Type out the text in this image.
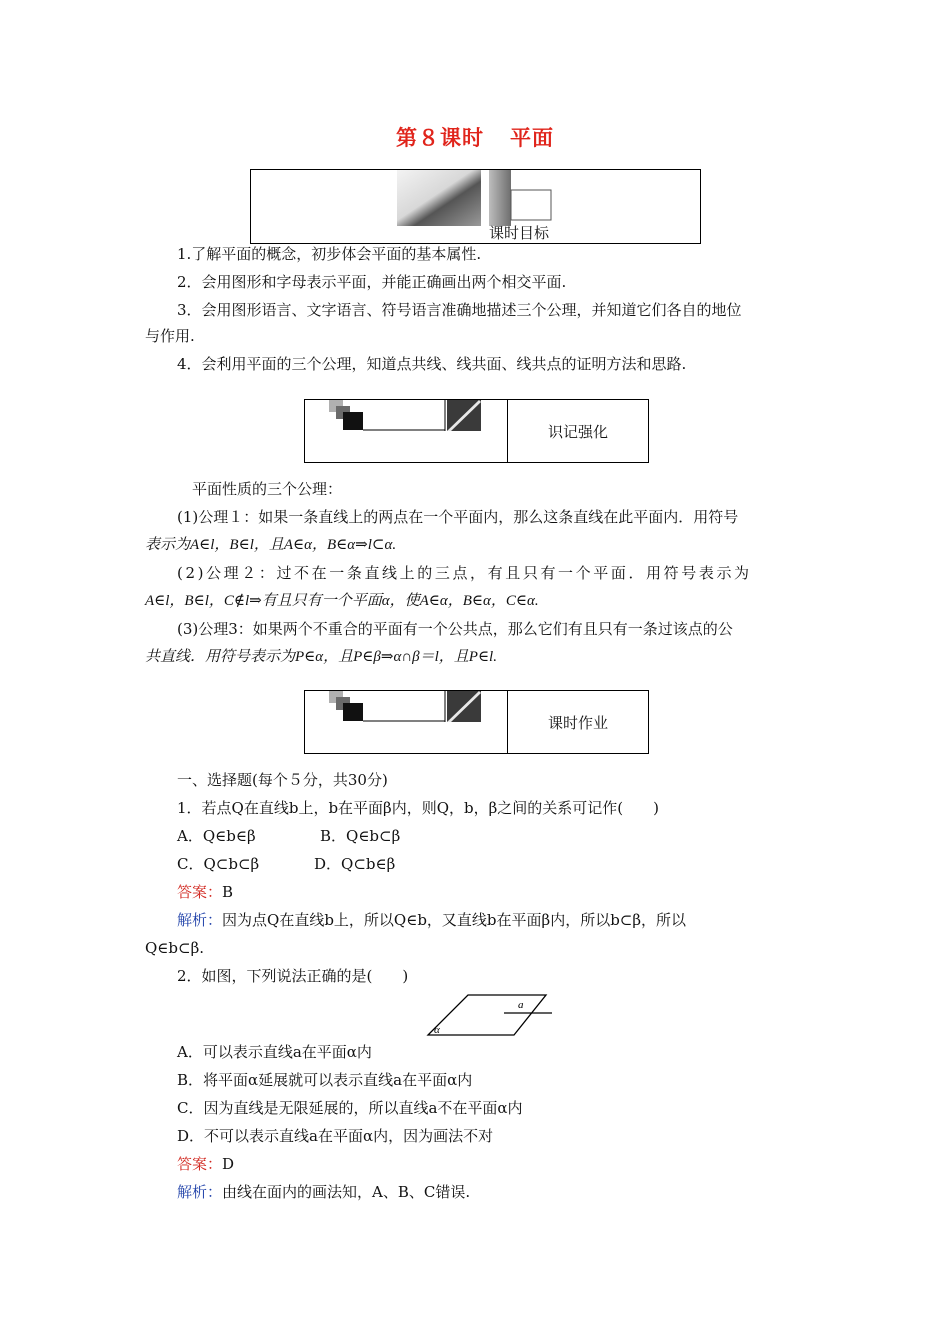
第８课时 平面
课时目标
1.了解平面的概念，初步体会平面的基本属性.
2．会用图形和字母表示平面，并能正确画出两个相交平面.
3．会用图形语言、文字语言、符号语言准确地描述三个公理，并知道它们各自的地位
与作用.
4．会利用平面的三个公理，知道点共线、线共面、线共点的证明方法和思路.
识记强化
平面性质的三个公理：
(1)公理１：如果一条直线上的两点在一个平面内，那么这条直线在此平面内．用符号
表示为A∈l，B∈l，且A∈α，B∈α⇒l⊂α.
(2)公理２：过不在一条直线上的三点，有且只有一个平面．用符号表示为
A∈l，B∈l，C∉l⇒有且只有一个平面α，使A∈α，B∈α，C∈α.
(3)公理3：如果两个不重合的平面有一个公共点，那么它们有且只有一条过该点的公
共直线．用符号表示为P∈α，且P∈β⇒α∩β＝l，且P∈l.
课时作业
一、选择题(每个５分，共30分)
1．若点Q在直线b上，b在平面β内，则Q，b，β之间的关系可记作(　　)
A．Q∈b∈β	B．Q∈b⊂β
C．Q⊂b⊂β	D．Q⊂b∈β
答案：B
解析：因为点Q在直线b上，所以Q∈b，又直线b在平面β内，所以b⊂β，所以
Q∈b⊂β.
2．如图，下列说法正确的是(　　)
a
α
A．可以表示直线a在平面α内
B．将平面α延展就可以表示直线a在平面α内
C．因为直线是无限延展的，所以直线a不在平面α内
D．不可以表示直线a在平面α内，因为画法不对
答案：D
解析：由线在面内的画法知，A、B、C错误.
